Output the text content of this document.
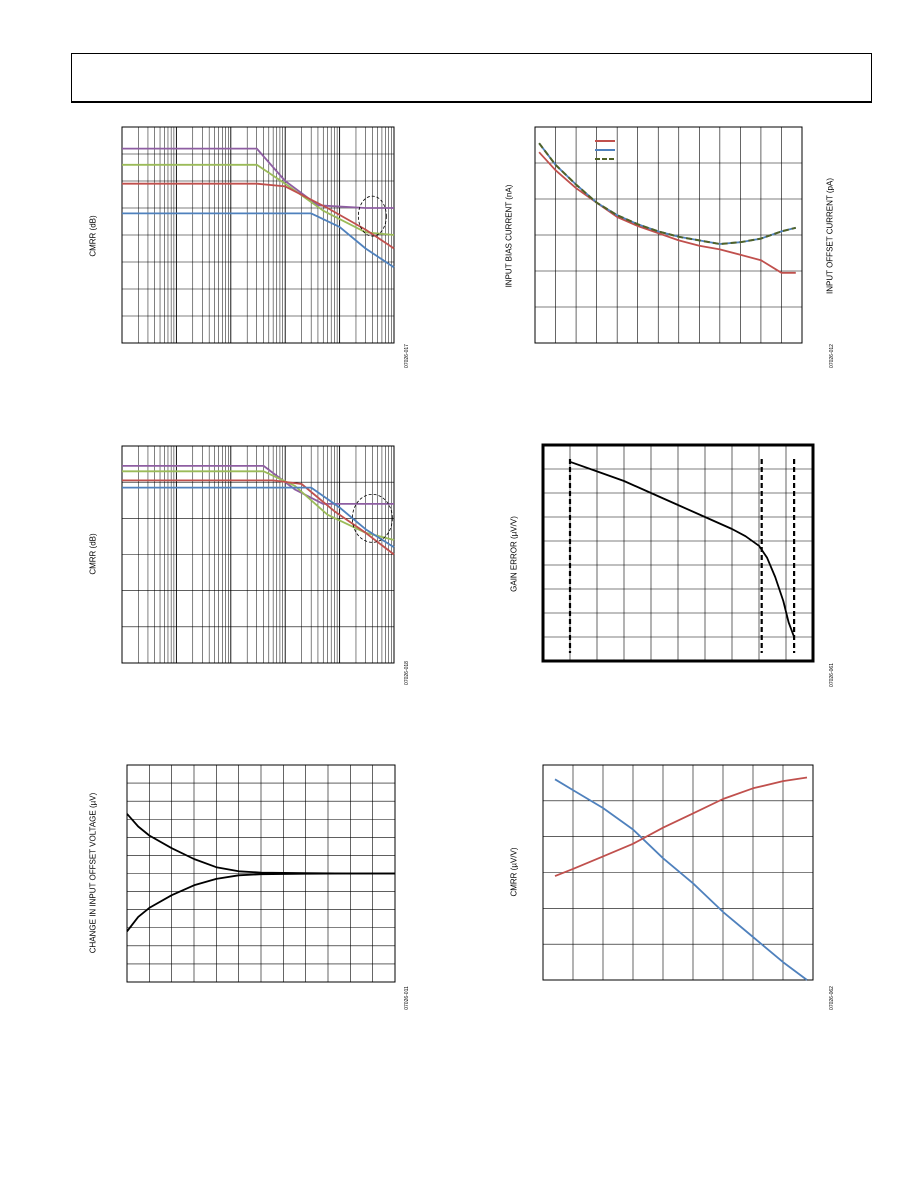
CMRR (dB)
07026-017
INPUT BIAS CURRENT (nA)	INPUT OFFSET CURRENT (pA)
07026-012
CMRR (dB)
07026-018
GAIN ERROR (µV/V)
07026-061
CHANGE IN INPUT OFFSET VOLTAGE (µV)
07026-011
CMRR (µV/V)
07026-062
